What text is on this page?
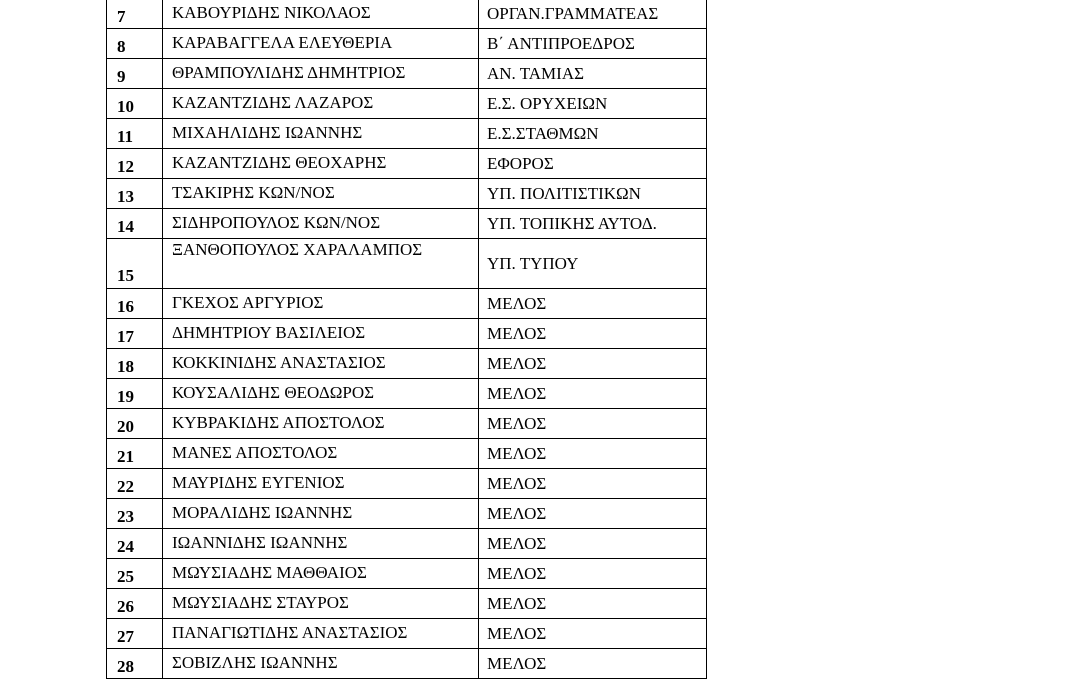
7	ΚΑΒΟΥΡΙΔΗΣ ΝΙΚΟΛΑΟΣ	ΟΡΓΑΝ.ΓΡΑΜΜΑΤΕΑΣ
8	ΚΑΡΑΒΑΓΓΕΛΑ ΕΛΕΥΘΕΡΙΑ	Β΄ ΑΝΤΙΠΡΟΕΔΡΟΣ
9	ΘΡΑΜΠΟΥΛΙΔΗΣ ΔΗΜΗΤΡΙΟΣ	ΑΝ. ΤΑΜΙΑΣ
10	ΚΑΖΑΝΤΖΙΔΗΣ ΛΑΖΑΡΟΣ	Ε.Σ. ΟΡΥΧΕΙΩΝ
11	ΜΙΧΑΗΛΙΔΗΣ ΙΩΑΝΝΗΣ	Ε.Σ.ΣΤΑΘΜΩΝ
12	ΚΑΖΑΝΤΖΙΔΗΣ ΘΕΟΧΑΡΗΣ	ΕΦΟΡΟΣ
13	ΤΣΑΚΙΡΗΣ ΚΩΝ/ΝΟΣ	ΥΠ. ΠΟΛΙΤΙΣΤΙΚΩΝ
14	ΣΙΔΗΡΟΠΟΥΛΟΣ ΚΩΝ/ΝΟΣ	ΥΠ. ΤΟΠΙΚΗΣ ΑΥΤΟΔ.
15	ΞΑΝΘΟΠΟΥΛΟΣ ΧΑΡΑΛΑΜΠΟΣ	ΥΠ. ΤΥΠΟΥ
16	ΓΚΕΧΟΣ ΑΡΓΥΡΙΟΣ	ΜΕΛΟΣ
17	ΔΗΜΗΤΡΙΟΥ ΒΑΣΙΛΕΙΟΣ	ΜΕΛΟΣ
18	ΚΟΚΚΙΝΙΔΗΣ ΑΝΑΣΤΑΣΙΟΣ	ΜΕΛΟΣ
19	ΚΟΥΣΑΛΙΔΗΣ ΘΕΟΔΩΡΟΣ	ΜΕΛΟΣ
20	ΚΥΒΡΑΚΙΔΗΣ ΑΠΟΣΤΟΛΟΣ	ΜΕΛΟΣ
21	ΜΑΝΕΣ ΑΠΟΣΤΟΛΟΣ	ΜΕΛΟΣ
22	ΜΑΥΡΙΔΗΣ ΕΥΓΕΝΙΟΣ	ΜΕΛΟΣ
23	ΜΟΡΑΛΙΔΗΣ ΙΩΑΝΝΗΣ	ΜΕΛΟΣ
24	ΙΩΑΝΝΙΔΗΣ ΙΩΑΝΝΗΣ	ΜΕΛΟΣ
25	ΜΩΥΣΙΑΔΗΣ ΜΑΘΘΑΙΟΣ	ΜΕΛΟΣ
26	ΜΩΥΣΙΑΔΗΣ ΣΤΑΥΡΟΣ	ΜΕΛΟΣ
27	ΠΑΝΑΓΙΩΤΙΔΗΣ ΑΝΑΣΤΑΣΙΟΣ	ΜΕΛΟΣ
28	ΣΟΒΙΖΛΗΣ ΙΩΑΝΝΗΣ	ΜΕΛΟΣ
